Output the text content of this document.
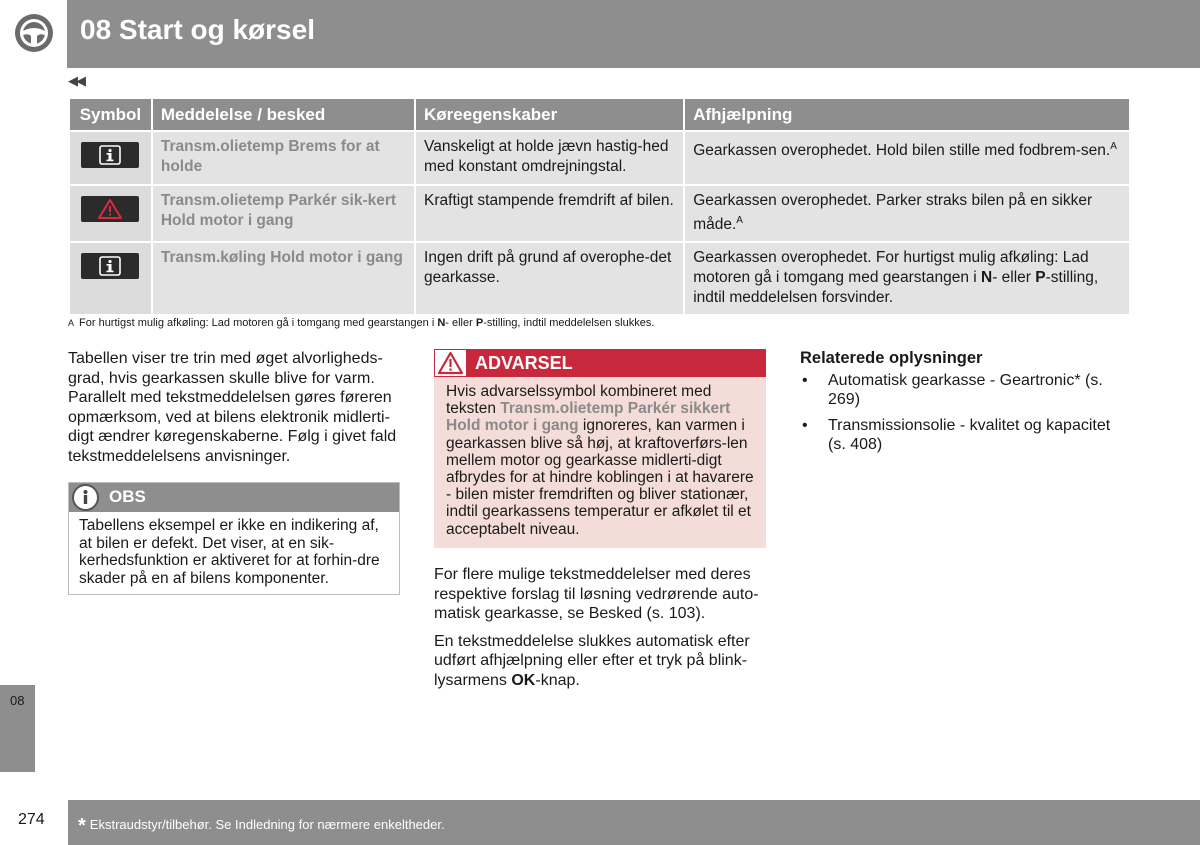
08 Start og kørsel
◀◀
Symbol	Meddelelse / besked	Køreegenskaber	Afhjælpning

	Transm.olietemp Brems for at holde	Vanskeligt at holde jævn hastig-hed med konstant omdrejningstal.	Gearkassen overophedet. Hold bilen stille med fodbrem-sen.$^A$

	Transm.olietemp Parkér sik-kert Hold motor i gang	Kraftigt stampende fremdrift af bilen.	Gearkassen overophedet. Parker straks bilen på en sikker måde.$^A$

	Transm.køling Hold motor i gang	Ingen drift på grund af overophe-det gearkasse.	Gearkassen overophedet. For hurtigst mulig afkøling: Lad motoren gå i tomgang med gearstangen i N- eller P-stilling, indtil meddelelsen forsvinder.
A For hurtigst mulig afkøling: Lad motoren gå i tomgang med gearstangen i N- eller P-stilling, indtil meddelelsen slukkes.
Tabellen viser tre trin med øget alvorligheds-grad, hvis gearkassen skulle blive for varm. Parallelt med tekstmeddelelsen gøres føreren opmærksom, ved at bilens elektronik midlerti-digt ændrer køregenskaberne. Følg i givet fald tekstmeddelelsens anvisninger.
OBS
Tabellens eksempel er ikke en indikering af, at bilen er defekt. Det viser, at en sik-kerhedsfunktion er aktiveret for at forhin-dre skader på en af bilens komponenter.
ADVARSEL
Hvis advarselssymbol kombineret med teksten Transm.olietemp Parkér sikkert Hold motor i gang ignoreres, kan varmen i gearkassen blive så høj, at kraftoverførs-len mellem motor og gearkasse midlerti-digt afbrydes for at hindre koblingen i at havarere - bilen mister fremdriften og bliver stationær, indtil gearkassens temperatur er afkølet til et acceptabelt niveau.

For flere mulige tekstmeddelelser med deres respektive forslag til løsning vedrørende auto-matisk gearkasse, se Besked (s. 103).

En tekstmeddelelse slukkes automatisk efter udført afhjælpning eller efter et tryk på blink-lysarmens OK-knap.

Relaterede oplysninger
• Automatisk gearkasse - Geartronic* (s. 269)
• Transmissionsolie - kvalitet og kapacitet (s. 408)
08
274 * Ekstraudstyr/tilbehør. Se Indledning for nærmere enkeltheder.
